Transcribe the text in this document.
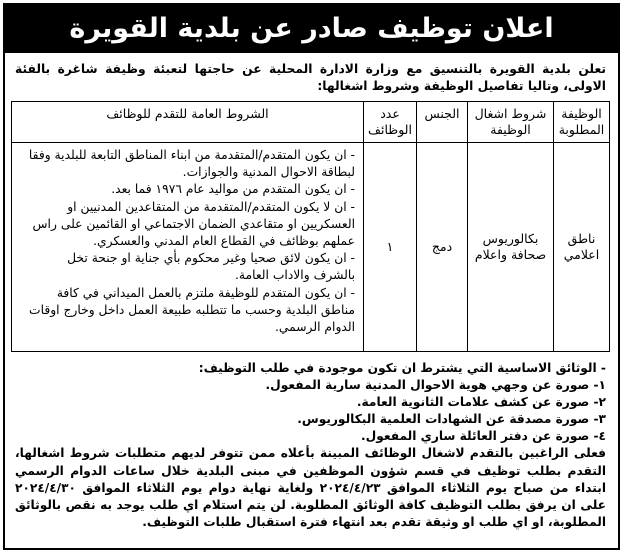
اعلان توظيف صادر عن بلدية القويرة
تعلن بلدية القويرة بالتنسيق مع وزارة الادارة المحلية عن حاجتها لتعبئة وظيفة شاغرة بالفئة الاولى، وتاليا تفاصيل الوظيفة وشروط اشغالها:
الوظيفة المطلوبة	شروط اشغال الوظيفة	الجنس	عدد الوظائف	الشروط العامة للتقدم للوظائف
ناطق اعلامي	بكالوريوس صحافة واعلام	دمج	١	- ان يكون المتقدم/المتقدمة من ابناء المناطق التابعة للبلدية وفقا لبطاقة الاحوال المدنية والجوازات.

- ان يكون المتقدم من مواليد عام ١٩٧٦ فما بعد.

- ان لا يكون المتقدم/المتقدمة من المتقاعدين المدنيين او العسكريين او متقاعدي الضمان الاجتماعي او القائمين على راس عملهم بوظائف في القطاع العام المدني والعسكري.

- ان يكون لائق صحيا وغير محكوم بأي جناية او جنحة تخل بالشرف والاداب العامة.

- ان يكون المتقدم للوظيفة ملتزم بالعمل الميداني في كافة مناطق البلدية وحسب ما تتطلبه طبيعة العمل داخل وخارج اوقات الدوام الرسمي.

- الوثائق الاساسية التي يشترط ان تكون موجودة في طلب التوظيف:

١- صورة عن وجهي هوية الاحوال المدنية سارية المفعول.

٢- صورة عن كشف علامات الثانوية العامة.

٣- صورة مصدقة عن الشهادات العلمية البكالوريوس.

٤- صورة عن دفتر العائلة ساري المفعول.

فعلى الراغبين بالتقدم لاشغال الوظائف المبينة بأعلاه ممن تتوفر لديهم متطلبات شروط اشغالها، التقدم بطلب توظيف في قسم شؤون الموظفين في مبنى البلدية خلال ساعات الدوام الرسمي ابتداء من صباح يوم الثلاثاء الموافق ٢٠٢٤/٤/٢٣ ولغاية نهاية دوام يوم الثلاثاء الموافق ٢٠٢٤/٤/٣٠ على ان يرفق بطلب التوظيف كافة الوثائق المطلوبة. لن يتم استلام اي طلب يوجد به نقص بالوثائق المطلوبة، او اي طلب او وثيقة تقدم بعد انتهاء فترة استقبال طلبات التوظيف.
